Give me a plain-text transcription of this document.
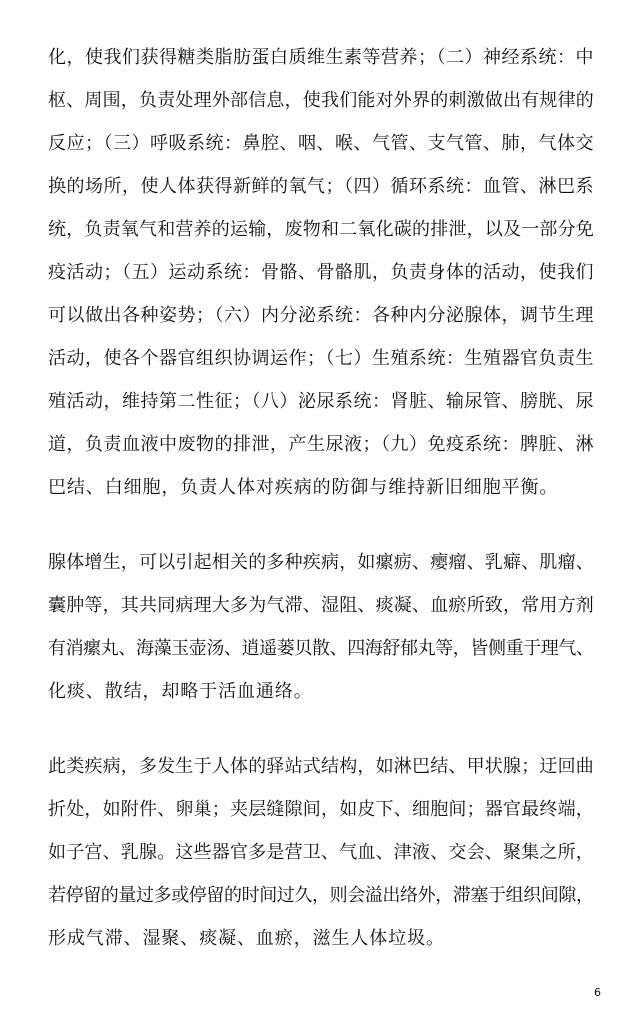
化，使我们获得糖类脂肪蛋白质维生素等营养；（二）神经系统：中
枢、周围，负责处理外部信息，使我们能对外界的刺激做出有规律的
反应；（三）呼吸系统：鼻腔、咽、喉、气管、支气管、肺，气体交
换的场所，使人体获得新鲜的氧气；（四）循环系统：血管、淋巴系
统，负责氧气和营养的运输，废物和二氧化碳的排泄，以及一部分免
疫活动；（五）运动系统：骨骼、骨骼肌，负责身体的活动，使我们
可以做出各种姿势；（六）内分泌系统：各种内分泌腺体，调节生理
活动，使各个器官组织协调运作；（七）生殖系统：生殖器官负责生
殖活动，维持第二性征；（八）泌尿系统：肾脏、输尿管、膀胱、尿
道，负责血液中废物的排泄，产生尿液；（九）免疫系统：脾脏、淋
巴结、白细胞，负责人体对疾病的防御与维持新旧细胞平衡。
腺体增生，可以引起相关的多种疾病，如瘰疬、瘿瘤、乳癖、肌瘤、
囊肿等，其共同病理大多为气滞、湿阻、痰凝、血瘀所致，常用方剂
有消瘰丸、海藻玉壶汤、逍遥蒌贝散、四海舒郁丸等，皆侧重于理气、
化痰、散结，却略于活血通络。
此类疾病，多发生于人体的驿站式结构，如淋巴结、甲状腺；迂回曲
折处，如附件、卵巢；夹层缝隙间，如皮下、细胞间；器官最终端，
如子宫、乳腺。这些器官多是营卫、气血、津液、交会、聚集之所，
若停留的量过多或停留的时间过久，则会溢出络外，滞塞于组织间隙，
形成气滞、湿聚、痰凝、血瘀，滋生人体垃圾。
6
